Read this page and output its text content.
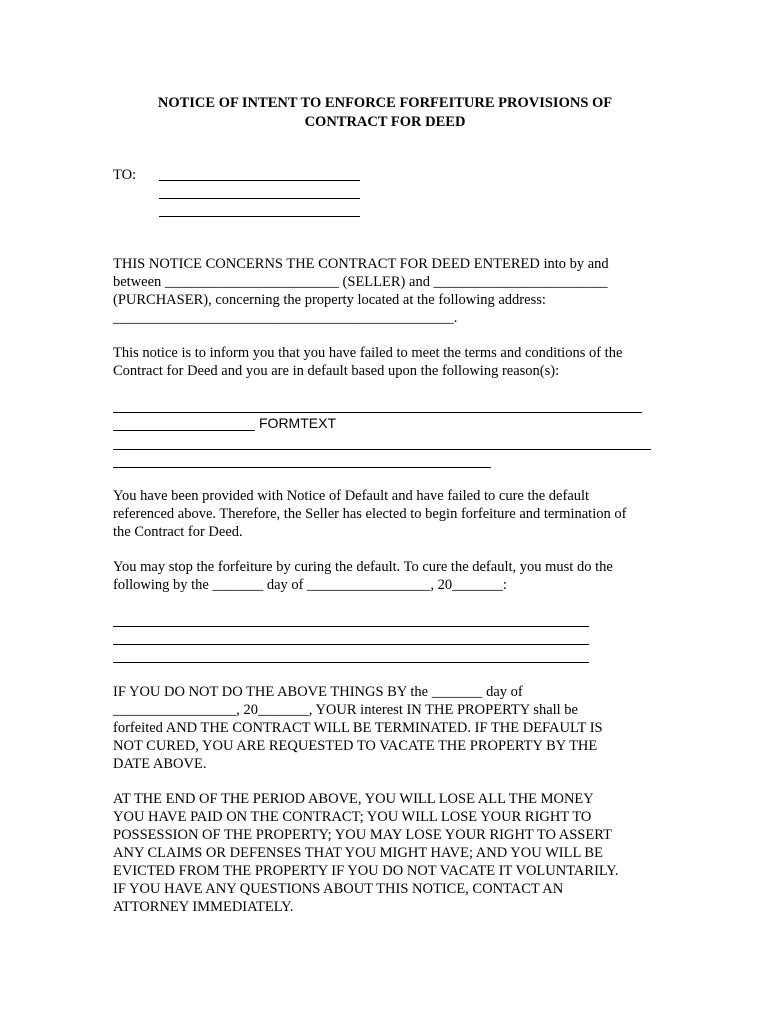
NOTICE OF INTENT TO ENFORCE FORFEITURE PROVISIONS OF
CONTRACT FOR DEED
TO:
THIS NOTICE CONCERNS THE CONTRACT FOR DEED ENTERED into by and
between ________________________ (SELLER) and ________________________
(PURCHASER), concerning the property located at the following address:
_______________________________________________.
This notice is to inform you that you have failed to meet the terms and conditions of the
Contract for Deed and you are in default based upon the following reason(s):
FORMTEXT
You have been provided with Notice of Default and have failed to cure the default
referenced above. Therefore, the Seller has elected to begin forfeiture and termination of
the Contract for Deed.
You may stop the forfeiture by curing the default. To cure the default, you must do the
following by the _______ day of _________________, 20_______:
IF YOU DO NOT DO THE ABOVE THINGS BY the _______ day of
_________________, 20_______, YOUR interest IN THE PROPERTY shall be
forfeited AND THE CONTRACT WILL BE TERMINATED. IF THE DEFAULT IS
NOT CURED, YOU ARE REQUESTED TO VACATE THE PROPERTY BY THE
DATE ABOVE.
AT THE END OF THE PERIOD ABOVE, YOU WILL LOSE ALL THE MONEY
YOU HAVE PAID ON THE CONTRACT; YOU WILL LOSE YOUR RIGHT TO
POSSESSION OF THE PROPERTY; YOU MAY LOSE YOUR RIGHT TO ASSERT
ANY CLAIMS OR DEFENSES THAT YOU MIGHT HAVE; AND YOU WILL BE
EVICTED FROM THE PROPERTY IF YOU DO NOT VACATE IT VOLUNTARILY.
IF YOU HAVE ANY QUESTIONS ABOUT THIS NOTICE, CONTACT AN
ATTORNEY IMMEDIATELY.
